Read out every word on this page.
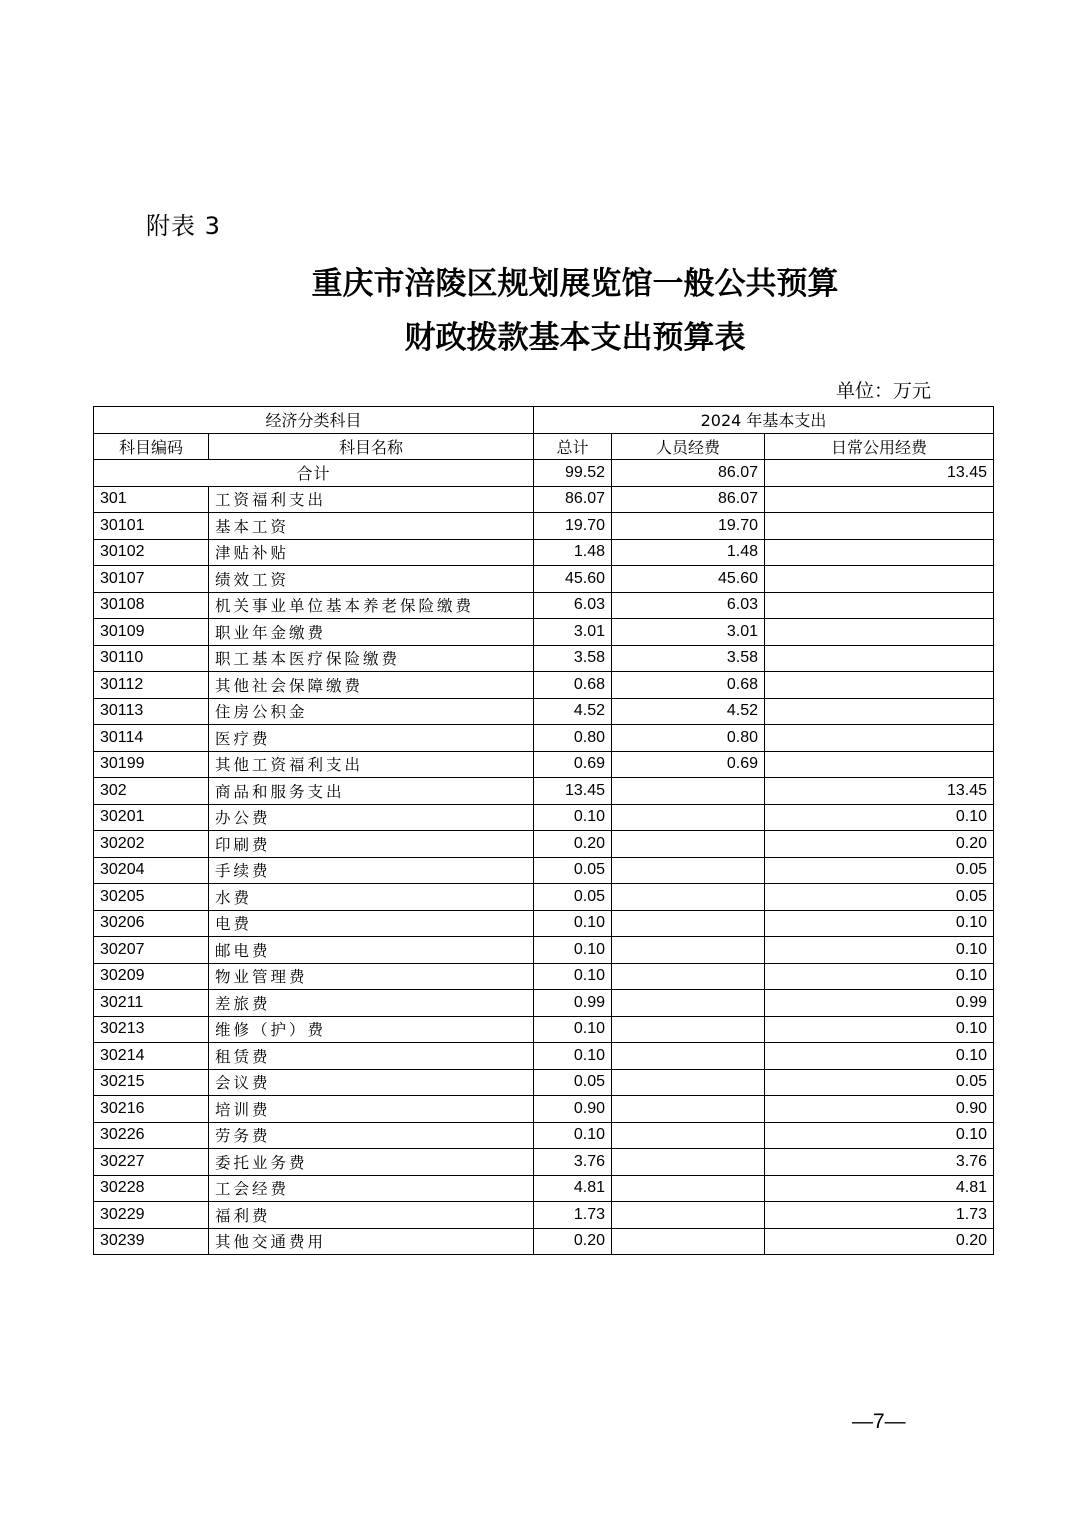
附表 3
重庆市涪陵区规划展览馆一般公共预算
财政拨款基本支出预算表
单位：万元
经济分类科目		2024 年基本支出		
科目编码	科目名称	总计	人员经费	日常公用经费
合计		99.52	86.07	13.45
301	工资福利支出	86.07	86.07	
30101	基本工资	19.70	19.70	
30102	津贴补贴	1.48	1.48	
30107	绩效工资	45.60	45.60	
30108	机关事业单位基本养老保险缴费	6.03	6.03	
30109	职业年金缴费	3.01	3.01	
30110	职工基本医疗保险缴费	3.58	3.58	
30112	其他社会保障缴费	0.68	0.68	
30113	住房公积金	4.52	4.52	
30114	医疗费	0.80	0.80	
30199	其他工资福利支出	0.69	0.69	
302	商品和服务支出	13.45		13.45
30201	办公费	0.10		0.10
30202	印刷费	0.20		0.20
30204	手续费	0.05		0.05
30205	水费	0.05		0.05
30206	电费	0.10		0.10
30207	邮电费	0.10		0.10
30209	物业管理费	0.10		0.10
30211	差旅费	0.99		0.99
30213	维修（护）费	0.10		0.10
30214	租赁费	0.10		0.10
30215	会议费	0.05		0.05
30216	培训费	0.90		0.90
30226	劳务费	0.10		0.10
30227	委托业务费	3.76		3.76
30228	工会经费	4.81		4.81
30229	福利费	1.73		1.73
30239	其他交通费用	0.20		0.20
—7—
